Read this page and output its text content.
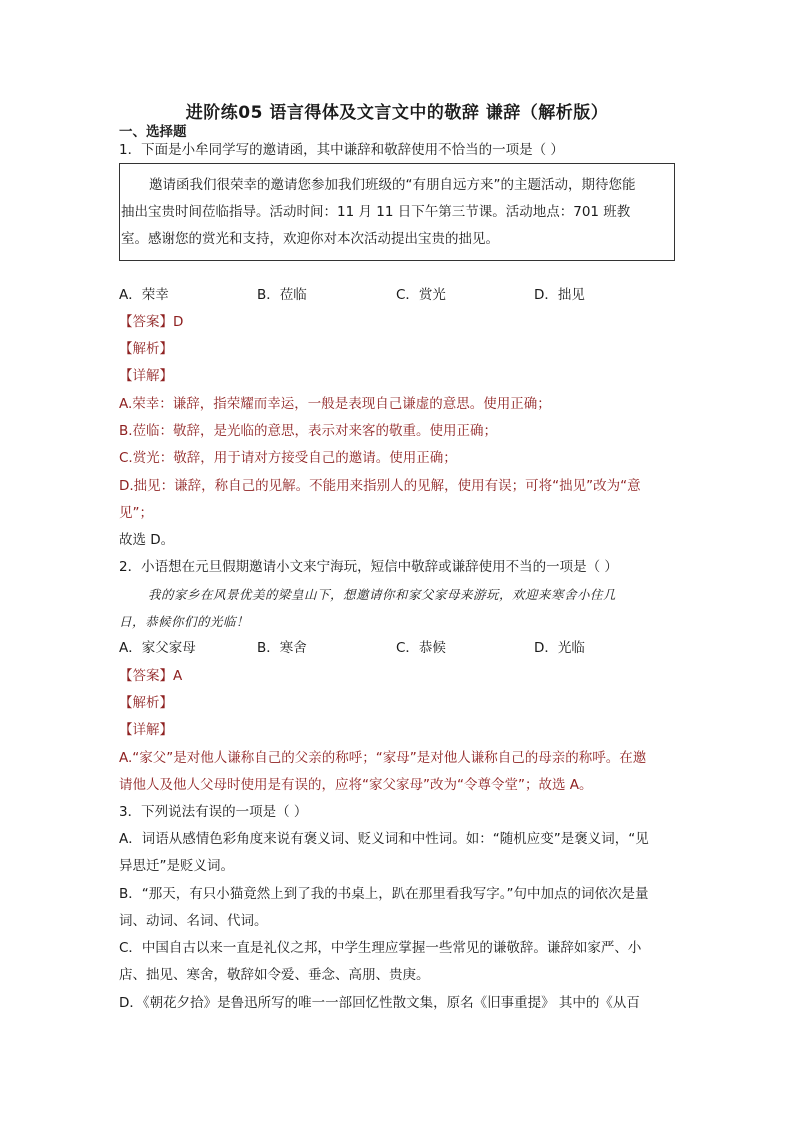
进阶练05 语言得体及文言文中的敬辞 谦辞（解析版）
一、选择题
1．下面是小牟同学写的邀请函，其中谦辞和敬辞使用不恰当的一项是（ ）
邀请函我们很荣幸的邀请您参加我们班级的“有朋自远方来”的主题活动，期待您能
抽出宝贵时间莅临指导。活动时间：11 月 11 日下午第三节课。活动地点：701 班教
室。感谢您的赏光和支持，欢迎你对本次活动提出宝贵的拙见。
A．荣幸	B．莅临	C．赏光	D．拙见
【答案】D
【解析】
【详解】
A.荣幸：谦辞，指荣耀而幸运，一般是表现自己谦虚的意思。使用正确；
B.莅临：敬辞，是光临的意思，表示对来客的敬重。使用正确；
C.赏光：敬辞，用于请对方接受自己的邀请。使用正确；
D.拙见：谦辞，称自己的见解。不能用来指别人的见解，使用有误；可将“拙见”改为“意
见”；
故选 D。
2．小语想在元旦假期邀请小文来宁海玩，短信中敬辞或谦辞使用不当的一项是（ ）
我的家乡在风景优美的梁皇山下，想邀请你和家父家母来游玩，欢迎来寒舍小住几
日，恭候你们的光临！
A．家父家母	B．寒舍	C．恭候	D．光临
【答案】A
【解析】
【详解】
A.“家父”是对他人谦称自己的父亲的称呼；“家母”是对他人谦称自己的母亲的称呼。在邀
请他人及他人父母时使用是有误的，应将“家父家母”改为“令尊令堂”；故选 A。
3．下列说法有误的一项是（ ）
A．词语从感情色彩角度来说有褒义词、贬义词和中性词。如：“随机应变”是褒义词，“见
异思迁”是贬义词。
B．“那天，有只小猫竟然上到了我的书桌上，趴在那里看我写字。”句中加点的词依次是量
词、动词、名词、代词。
C．中国自古以来一直是礼仪之邦，中学生理应掌握一些常见的谦敬辞。谦辞如家严、小
店、拙见、寒舍，敬辞如令爱、垂念、高朋、贵庚。
D．《朝花夕拾》是鲁迅所写的唯一一部回忆性散文集，原名《旧事重提》 其中的《从百
